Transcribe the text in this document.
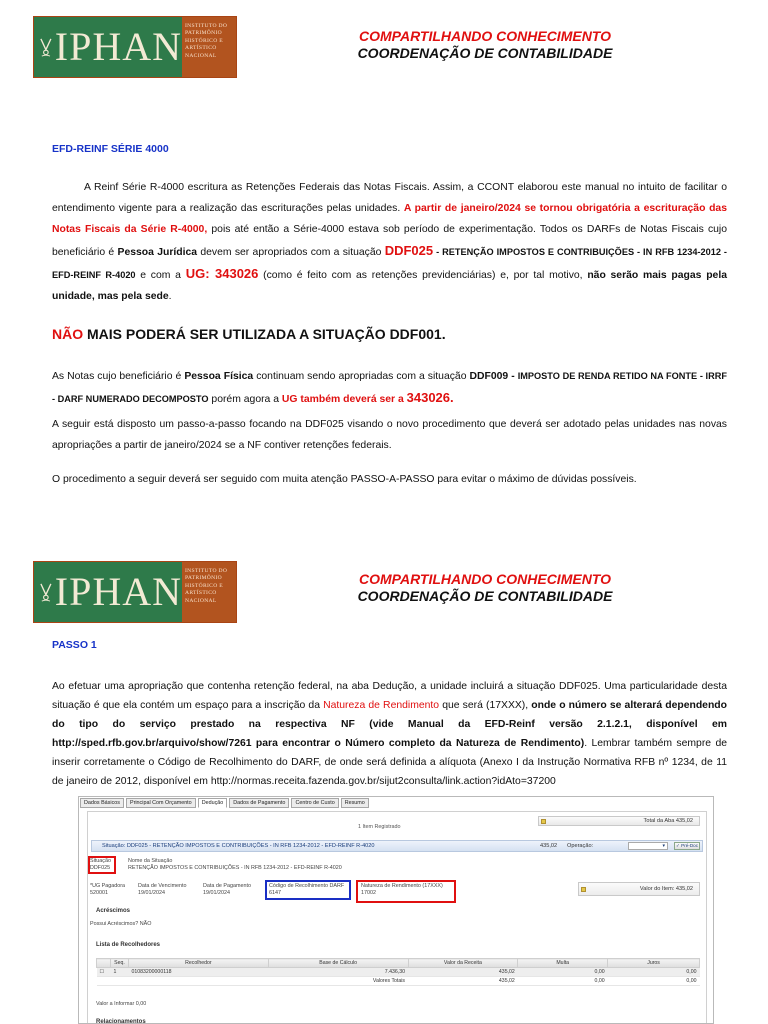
IPHAN INSTITUTO DO
PATRIMÔNIO
HISTÓRICO E
ARTÍSTICO
NACIONAL
COMPARTILHANDO CONHECIMENTO
COORDENAÇÃO DE CONTABILIDADE
EFD-REINF SÉRIE 4000
A Reinf Série R-4000 escritura as Retenções Federais das Notas Fiscais. Assim, a CCONT elaborou este manual no intuito de facilitar o entendimento vigente para a realização das escriturações pelas unidades. A partir de janeiro/2024 se tornou obrigatória a escrituração das Notas Fiscais da Série R-4000, pois até então a Série-4000 estava sob período de experimentação. Todos os DARFs de Notas Fiscais cujo beneficiário é Pessoa Jurídica devem ser apropriados com a situação DDF025 - RETENÇÃO IMPOSTOS E CONTRIBUIÇÕES - IN RFB 1234-2012 - EFD-REINF R-4020 e com a UG: 343026 (como é feito com as retenções previdenciárias) e, por tal motivo, não serão mais pagas pela unidade, mas pela sede.
NÃO MAIS PODERÁ SER UTILIZADA A SITUAÇÃO DDF001.
As Notas cujo beneficiário é Pessoa Física continuam sendo apropriadas com a situação DDF009 - IMPOSTO DE RENDA RETIDO NA FONTE - IRRF - DARF NUMERADO DECOMPOSTO porém agora a UG também deverá ser a 343026.
A seguir está disposto um passo-a-passo focando na DDF025 visando o novo procedimento que deverá ser adotado pelas unidades nas novas apropriações a partir de janeiro/2024 se a NF contiver retenções federais.
O procedimento a seguir deverá ser seguido com muita atenção PASSO-A-PASSO para evitar o máximo de dúvidas possíveis.
IPHAN INSTITUTO DO
PATRIMÔNIO
HISTÓRICO E
ARTÍSTICO
NACIONAL
COMPARTILHANDO CONHECIMENTO
COORDENAÇÃO DE CONTABILIDADE
PASSO 1
Ao efetuar uma apropriação que contenha retenção federal, na aba Dedução, a unidade incluirá a situação DDF025. Uma particularidade desta situação é que ela contém um espaço para a inscrição da Natureza de Rendimento que será (17XXX), onde o número se alterará dependendo do tipo do serviço prestado na respectiva NF (vide Manual da EFD-Reinf versão 2.1.2.1, disponível em http://sped.rfb.gov.br/arquivo/show/7261 para encontrar o Número completo da Natureza de Rendimento). Lembrar também sempre de inserir corretamente o Código de Recolhimento do DARF, de onde será definida a alíquota (Anexo I da Instrução Normativa RFB nº 1234, de 11 de janeiro de 2012, disponível em http://normas.receita.fazenda.gov.br/sijut2consulta/link.action?idAto=37200
Dados Básicos	Principal Com Orçamento	Dedução	Dados de Pagamento	Centro de Custo	Resumo
Total da Aba 435,02
1 Item Registrado
Situação: DDF025 - RETENÇÃO IMPOSTOS E CONTRIBUIÇÕES - IN RFB 1234-2012 - EFD-REINF R-4020	435,02 Operação:	▾	✓ Pré-Doc
Situação
DDF025
Nome da Situação
RETENÇÃO IMPOSTOS E CONTRIBUIÇÕES - IN RFB 1234-2012 - EFD-REINF R-4020
*UG Pagadora
520001
Data de Vencimento
19/01/2024
Data de Pagamento
19/01/2024
Código de Recolhimento DARF
6147
Natureza de Rendimento (17XXX)
17002
Valor do Item: 435,02
Acréscimos
Possui Acréscimos? NÃO
Lista de Recolhedores
	Seq.	Recolhedor	Base de Cálculo	Valor da Receita	Multa	Juros
☐	1	01083200000118	7.436,30	435,02	0,00	0,00
			Valores Totais	435,02	0,00	0,00
Valor a Informar 0,00
Relacionamentos
